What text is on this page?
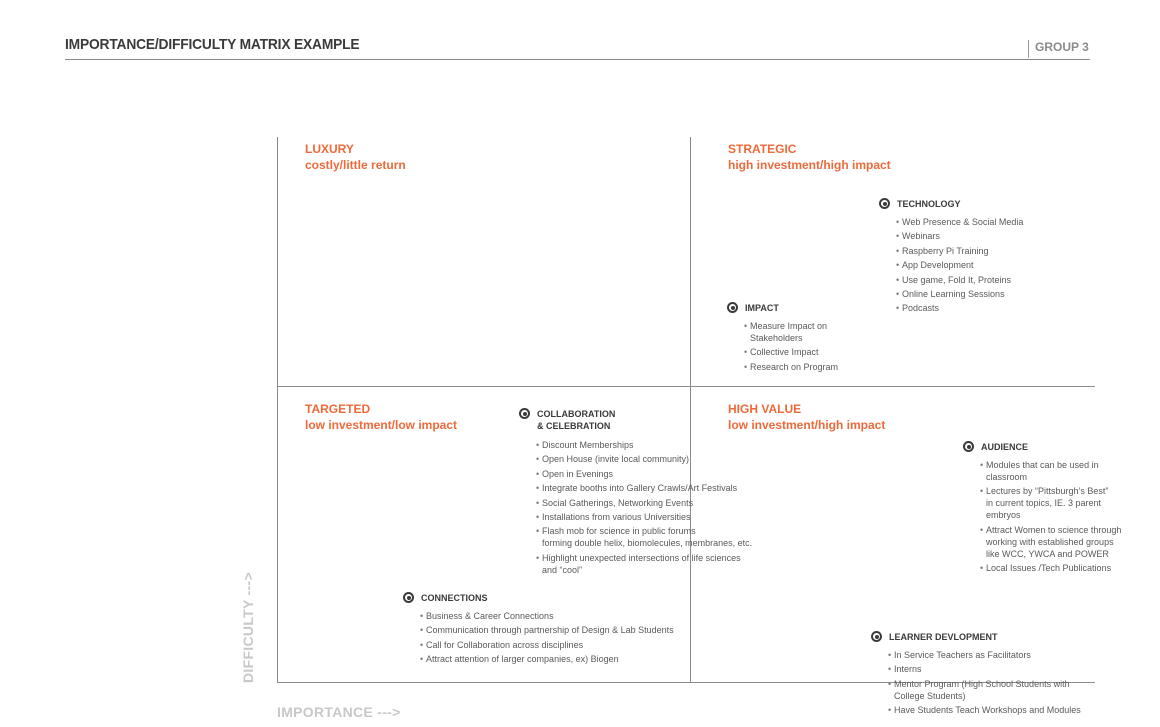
IMPORTANCE/DIFFICULTY MATRIX EXAMPLE	GROUP 3
LUXURY
costly/little return
STRATEGIC
high investment/high impact
TARGETED
low investment/low impact
HIGH VALUE
low investment/high impact
TECHNOLOGY
• Web Presence & Social Media
• Webinars
• Raspberry Pi Training
• App Development
• Use game, Fold It, Proteins
• Online Learning Sessions
• Podcasts
IMPACT
• Measure Impact on
Stakeholders
• Collective Impact
• Research on Program
COLLABORATION
& CELEBRATION
• Discount Memberships
• Open House (invite local community)
• Open in Evenings
• Integrate booths into Gallery Crawls/Art Festivals
• Social Gatherings, Networking Events
• Installations from various Universities
• Flash mob for science in public forums
forming double helix, biomolecules, membranes, etc.
• Highlight unexpected intersections of life sciences
and “cool”
AUDIENCE
• Modules that can be used in
classroom
• Lectures by “Pittsburgh’s Best”
in current topics, IE. 3 parent
embryos
• Attract Women to science through
working with established groups
like WCC, YWCA and POWER
• Local Issues /Tech Publications
CONNECTIONS
• Business & Career Connections
• Communication through partnership of Design & Lab Students
• Call for Collaboration across disciplines
• Attract attention of larger companies, ex) Biogen
LEARNER DEVLOPMENT
• In Service Teachers as Facilitators
• Interns
• Mentor Program (High School Students with
College Students)
• Have Students Teach Workshops and Modules
IMPORTANCE --->
DIFFICULTY --->
